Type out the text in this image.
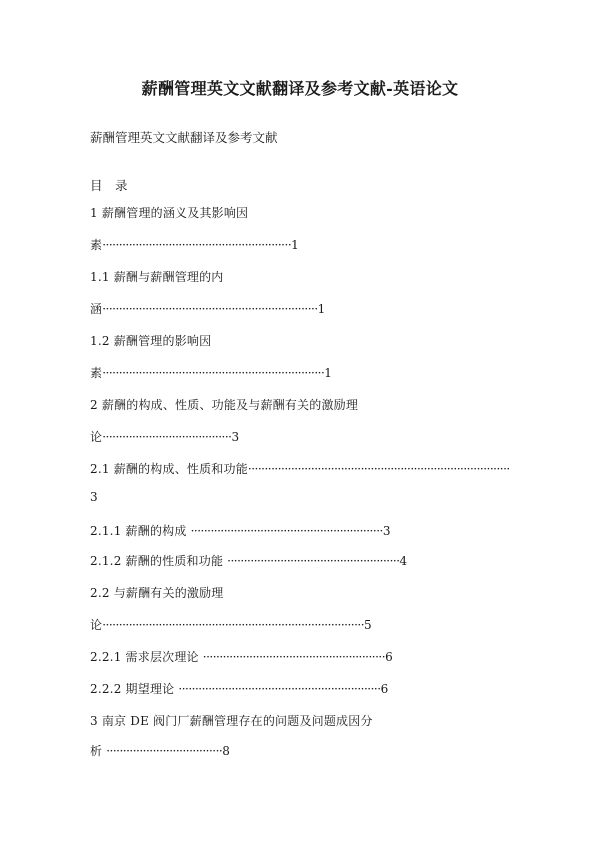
薪酬管理英文文献翻译及参考文献-英语论文
薪酬管理英文文献翻译及参考文献
目　录
1 薪酬管理的涵义及其影响因
素·························································1
1.1 薪酬与薪酬管理的内
涵·································································1
1.2 薪酬管理的影响因
素···································································1
2 薪酬的构成、性质、功能及与薪酬有关的激励理
论·······································3
2.1 薪酬的构成、性质和功能···············································································
3
2.1.1 薪酬的构成 ··························································3
2.1.2 薪酬的性质和功能 ····················································4
2.2 与薪酬有关的激励理
论···············································································5
2.2.1 需求层次理论 ·······················································6
2.2.2 期望理论 ·····························································6
3 南京 DE 阀门厂薪酬管理存在的问题及问题成因分
析 ···································8
